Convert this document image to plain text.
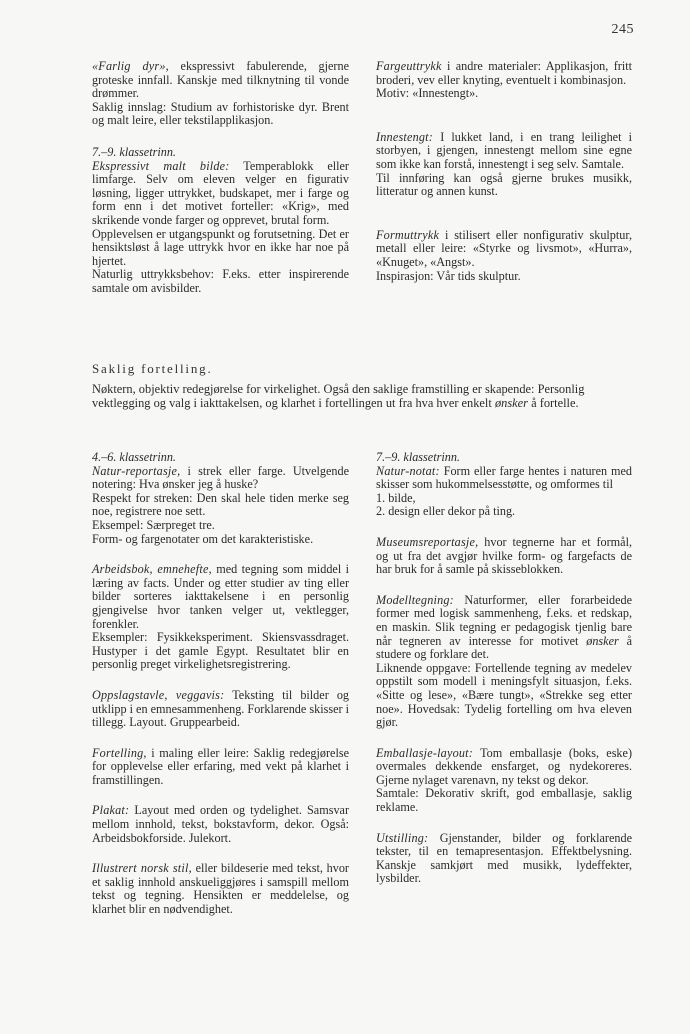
245

«Farlig dyr», ekspressivt fabulerende, gjerne groteske innfall. Kanskje med tilknytning til vonde drømmer.

Saklig innslag: Studium av forhistoriske dyr. Brent og malt leire, eller tekstilapplikasjon.

7.–9. klassetrinn.

Ekspressivt malt bilde: Temperablokk eller limfarge. Selv om eleven velger en figurativ løsning, ligger uttrykket, budskapet, mer i farge og form enn i det motivet forteller: «Krig», med skrikende vonde farger og opprevet, brutal form.

Opplevelsen er utgangspunkt og forutsetning. Det er hensiktsløst å lage uttrykk hvor en ikke har noe på hjertet.

Naturlig uttrykksbehov: F.eks. etter inspirerende samtale om avisbilder.

Fargeuttrykk i andre materialer: Applikasjon, fritt broderi, vev eller knyting, eventuelt i kombinasjon.

Motiv: «Innestengt».

Innestengt: I lukket land, i en trang leilighet i storbyen, i gjengen, innestengt mellom sine egne som ikke kan forstå, innestengt i seg selv. Samtale.

Til innføring kan også gjerne brukes musikk, litteratur og annen kunst.

Formuttrykk i stilisert eller nonfigurativ skulptur, metall eller leire: «Styrke og livsmot», «Hurra», «Knuget», «Angst».

Inspirasjon: Vår tids skulptur.

Saklig fortelling.

Nøktern, objektiv redegjørelse for virkelighet. Også den saklige framstilling er skapende: Personlig vektlegging og valg i iakttakelsen, og klarhet i fortellingen ut fra hva hver enkelt ønsker å fortelle.

4.–6. klassetrinn.

Natur-reportasje, i strek eller farge. Utvelgende notering: Hva ønsker jeg å huske?

Respekt for streken: Den skal hele tiden merke seg noe, registrere noe sett.

Eksempel: Særpreget tre.

Form- og fargenotater om det karakteristiske.

Arbeidsbok, emnehefte, med tegning som middel i læring av facts. Under og etter studier av ting eller bilder sorteres iakttakelsene i en personlig gjengivelse hvor tanken velger ut, vektlegger, forenkler.

Eksempler: Fysikkeksperiment. Skiensvassdraget. Hustyper i det gamle Egypt. Resultatet blir en personlig preget virkelighetsregistrering.

Oppslagstavle, veggavis: Teksting til bilder og utklipp i en emnesammenheng. Forklarende skisser i tillegg. Layout. Gruppearbeid.

Fortelling, i maling eller leire: Saklig redegjørelse for opplevelse eller erfaring, med vekt på klarhet i framstillingen.

Plakat: Layout med orden og tydelighet. Samsvar mellom innhold, tekst, bokstavform, dekor. Også: Arbeidsbokforside. Julekort.

Illustrert norsk stil, eller bildeserie med tekst, hvor et saklig innhold anskueliggjøres i samspill mellom tekst og tegning. Hensikten er meddelelse, og klarhet blir en nødvendighet.

7.–9. klassetrinn.

Natur-notat: Form eller farge hentes i naturen med skisser som hukommelsesstøtte, og omformes til

1. bilde,

2. design eller dekor på ting.

Museumsreportasje, hvor tegnerne har et formål, og ut fra det avgjør hvilke form- og fargefacts de har bruk for å samle på skisseblokken.

Modelltegning: Naturformer, eller forarbeidede former med logisk sammenheng, f.eks. et redskap, en maskin. Slik tegning er pedagogisk tjenlig bare når tegneren av interesse for motivet ønsker å studere og forklare det.

Liknende oppgave: Fortellende tegning av medelev oppstilt som modell i meningsfylt situasjon, f.eks. «Sitte og lese», «Bære tungt», «Strekke seg etter noe». Hovedsak: Tydelig fortelling om hva eleven gjør.

Emballasje-layout: Tom emballasje (boks, eske) overmales dekkende ensfarget, og nydekoreres. Gjerne nylaget varenavn, ny tekst og dekor.

Samtale: Dekorativ skrift, god emballasje, saklig reklame.

Utstilling: Gjenstander, bilder og forklarende tekster, til en temapresentasjon. Effektbelysning. Kanskje samkjørt med musikk, lydeffekter, lysbilder.
